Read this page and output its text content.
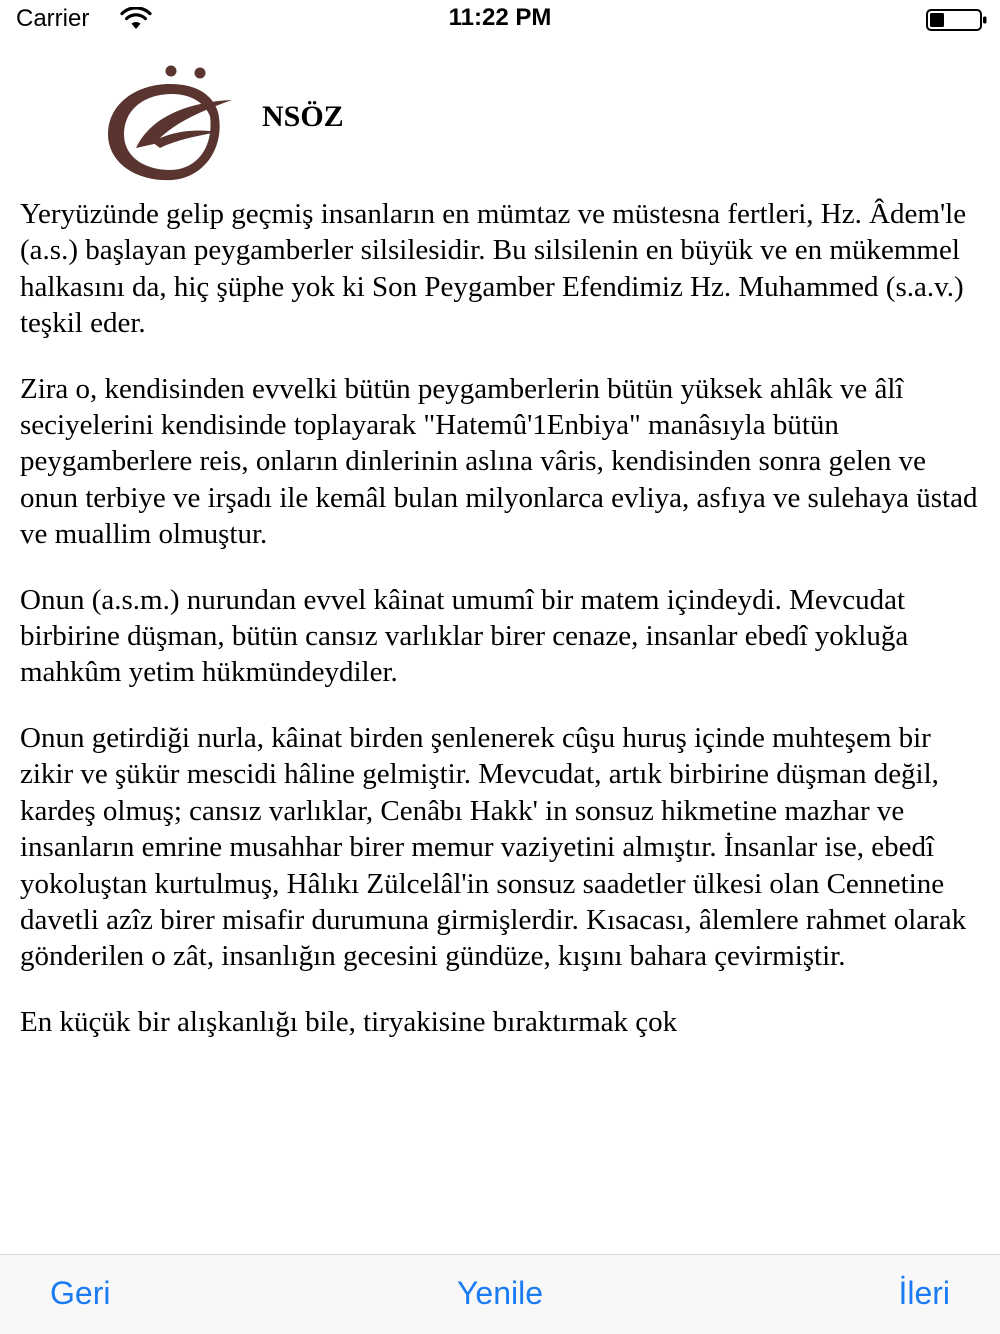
Carrier	11:22 PM
NSÖZ

Yeryüzünde gelip geçmiş insanların en mümtaz ve müstesna fertleri, Hz. Âdem'le (a.s.) başlayan peygamberler silsilesidir. Bu silsilenin en büyük ve en mükemmel halkasını da, hiç şüphe yok ki Son Peygamber Efendimiz Hz. Muhammed (s.a.v.) teşkil eder.

Zira o, kendisinden evvelki bütün peygamberlerin bütün yüksek ahlâk ve âlî seciyelerini kendisinde toplayarak "Hatemû'1Enbiya" manâsıyla bütün peygamberlere reis, onların dinlerinin aslına vâris, kendisinden sonra gelen ve onun terbiye ve irşadı ile kemâl bulan milyonlarca evliya, asfıya ve sulehaya üstad ve muallim olmuştur.

Onun (a.s.m.) nurundan evvel kâinat umumî bir matem içindeydi. Mevcudat birbirine düşman, bütün cansız varlıklar birer cenaze, insanlar ebedî yokluğa mahkûm yetim hükmündeydiler.

Onun getirdiği nurla, kâinat birden şenlenerek cûşu huruş içinde muhteşem bir zikir ve şükür mescidi hâline gelmiştir. Mevcudat, artık birbirine düşman değil, kardeş olmuş; cansız varlıklar, Cenâbı Hakk' in sonsuz hikmetine mazhar ve insanların emrine musahhar birer memur vaziyetini almıştır. İnsanlar ise, ebedî yokoluştan kurtulmuş, Hâlıkı Zülcelâl'in sonsuz saadetler ülkesi olan Cennetine davetli azîz birer misafir durumuna girmişlerdir. Kısacası, âlemlere rahmet olarak gönderilen o zât, insanlığın gecesini gündüze, kışını bahara çevirmiştir.

En küçük bir alışkanlığı bile, tiryakisine bıraktırmak çok

Geri	Yenile	İleri
